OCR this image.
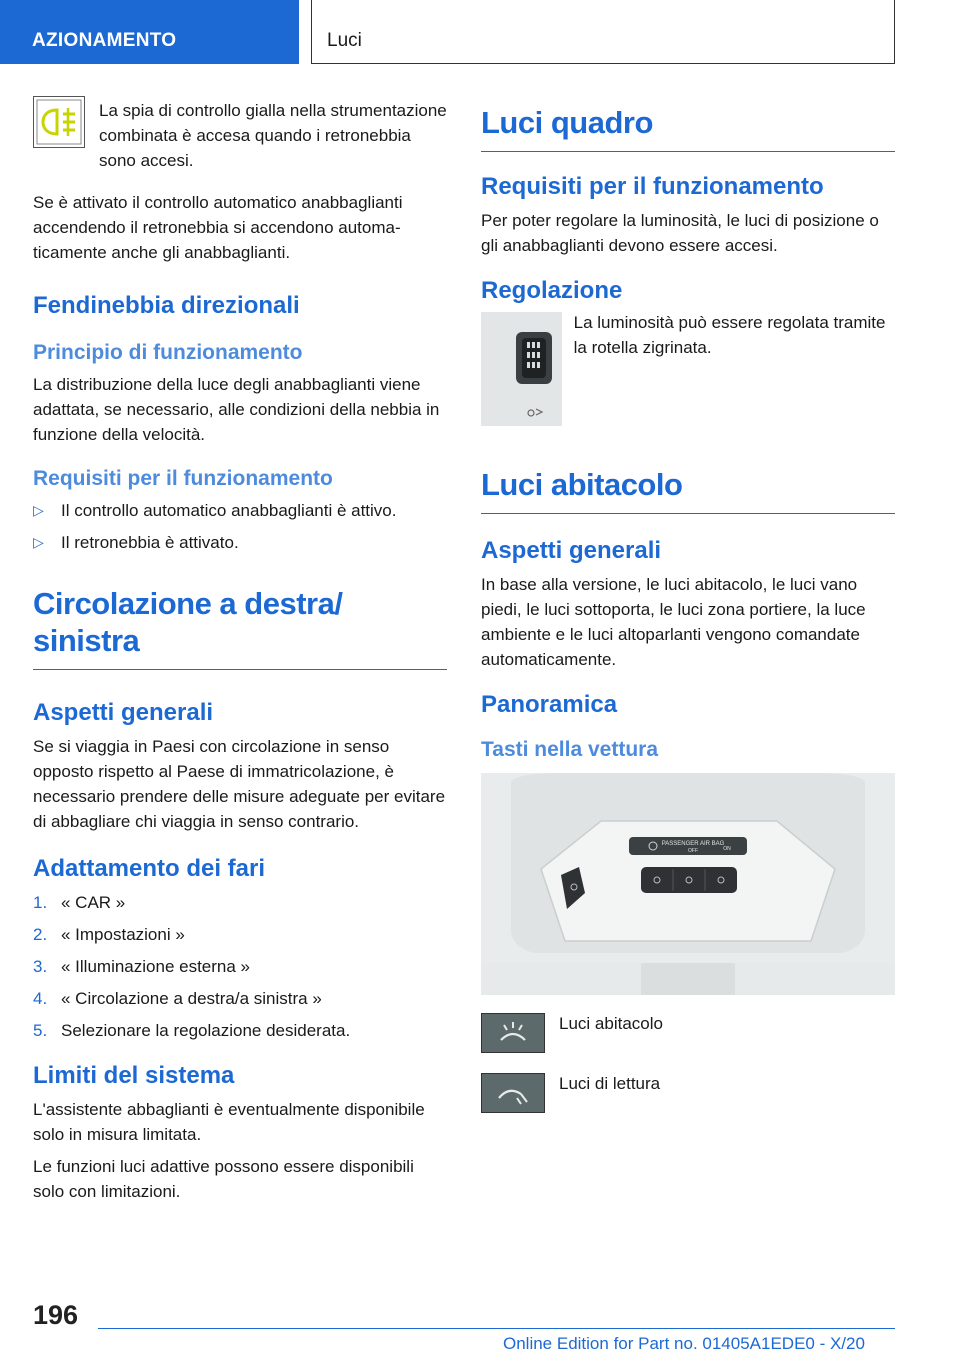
AZIONAMENTO	Luci

La spia di controllo gialla nella strumentazione combinata è accesa quando i retronebbia sono accesi.

Se è attivato il controllo automatico anabbaglianti accendendo il retronebbia si accendono automaticamente anche gli anabbaglianti.

Fendinebbia direzionali
Principio di funzionamento

La distribuzione della luce degli anabbaglianti viene adattata, se necessario, alle condizioni della nebbia in funzione della velocità.

Requisiti per il funzionamento
▷ Il controllo automatico anabbaglianti è attivo.
▷ Il retronebbia è attivato.
Circolazione a destra/ sinistra
Aspetti generali

Se si viaggia in Paesi con circolazione in senso opposto rispetto al Paese di immatricolazione, è necessario prendere delle misure adeguate per evitare di abbagliare chi viaggia in senso contrario.

Adattamento dei fari
1. « CAR »
2. « Impostazioni »
3. « Illuminazione esterna »
4. « Circolazione a destra/a sinistra »
5. Selezionare la regolazione desiderata.
Limiti del sistema

L'assistente abbaglianti è eventualmente disponibile solo in misura limitata.

Le funzioni luci adattive possono essere disponibili solo con limitazioni.

Luci quadro
Requisiti per il funzionamento

Per poter regolare la luminosità, le luci di posizione o gli anabbaglianti devono essere accesi.

Regolazione

La luminosità può essere regolata tramite la rotella zigrinata.

Luci abitacolo
Aspetti generali

In base alla versione, le luci abitacolo, le luci vano piedi, le luci sottoporta, le luci zona portiere, la luce ambiente e le luci altoparlanti vengono comandate automaticamente.

Panoramica
Tasti nella vettura
PASSENGER AIR BAG
OFF	ON

Luci abitacolo

Luci di lettura

196
Online Edition for Part no. 01405A1EDE0 - X/20
